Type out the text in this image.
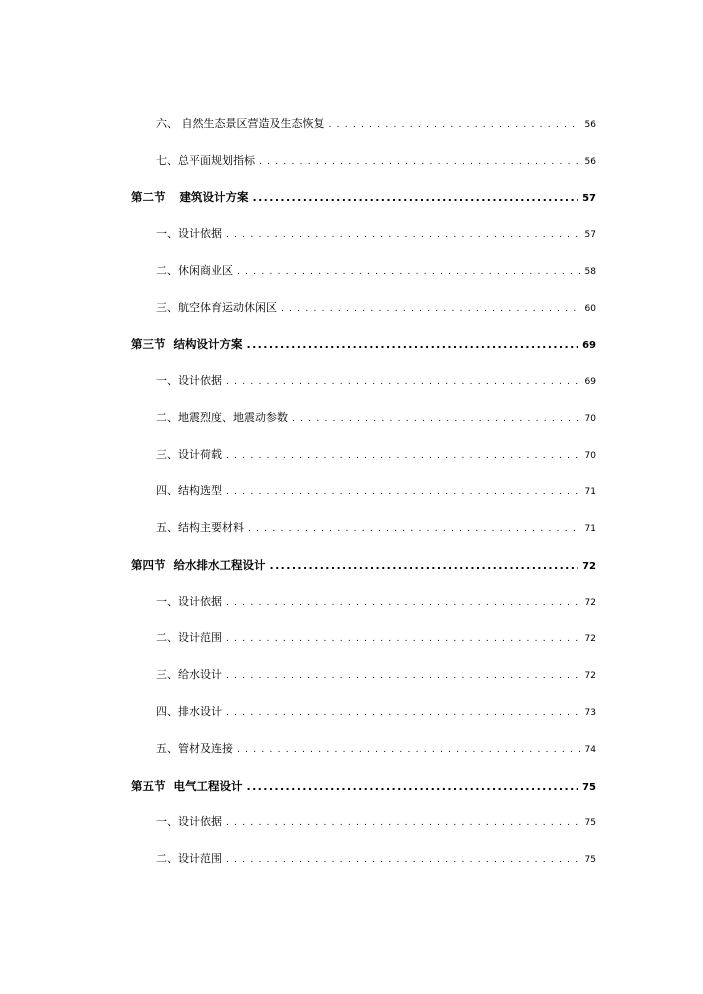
六、 自然生态景区营造及生态恢复 . . .	56
七、总平面规划指标 . . .	56
第二节 建筑设计方案 .....	57
一、设计依据 . . .	57
二、休闲商业区 . . .	58
三、航空体育运动休闲区 . . .	60
第三节 结构设计方案 .....	69
一、设计依据 . . .	69
二、地震烈度、地震动参数 . . .	70
三、设计荷载 . . .	70
四、结构选型 . . .	71
五、结构主要材料 . . .	71
第四节 给水排水工程设计 .....	72
一、设计依据 . . .	72
二、设计范围 . . .	72
三、给水设计 . . .	72
四、排水设计 . . .	73
五、管材及连接 . . .	74
第五节 电气工程设计 .....	75
一、设计依据 . . .	75
二、设计范围 . . .	75
